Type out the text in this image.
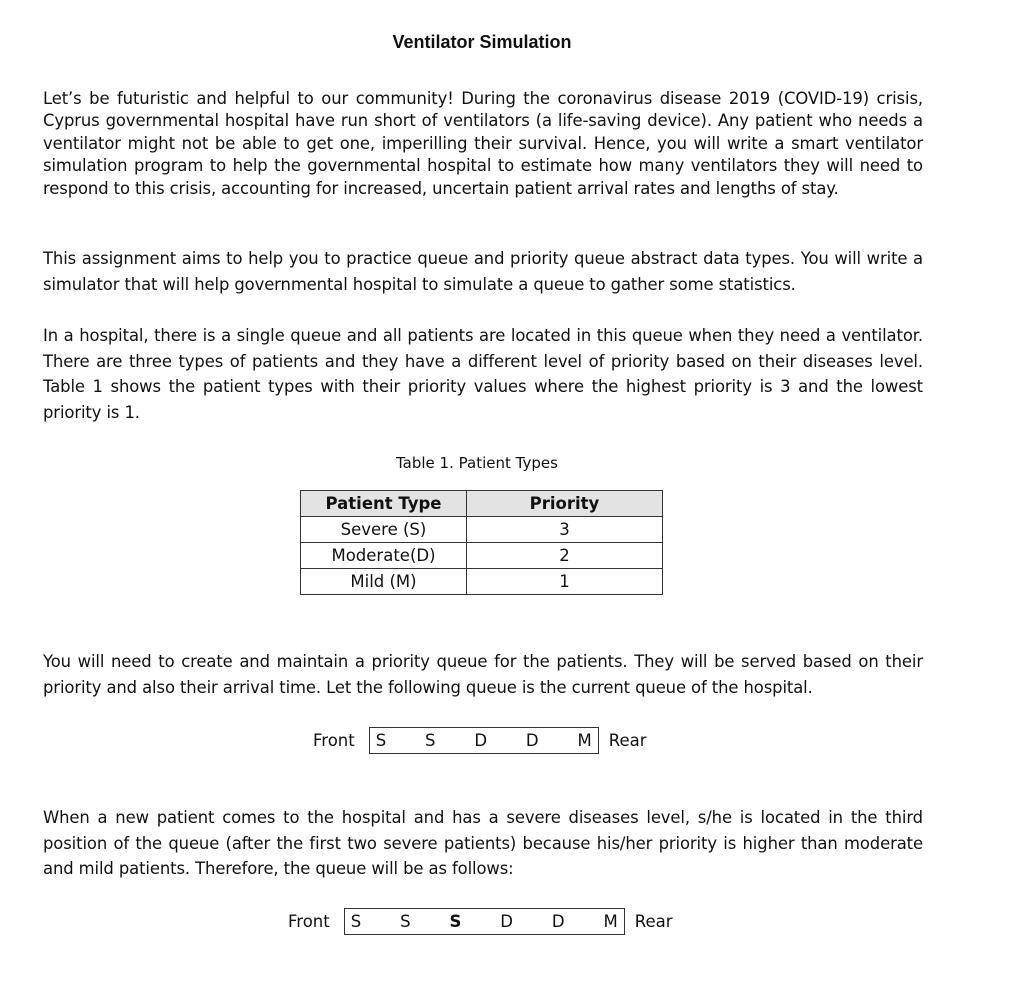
Ventilator Simulation

Let’s be futuristic and helpful to our community! During the coronavirus disease 2019 (COVID-19) crisis, Cyprus governmental hospital have run short of ventilators (a life-saving device). Any patient who needs a ventilator might not be able to get one, imperilling their survival. Hence, you will write a smart ventilator simulation program to help the governmental hospital to estimate how many ventilators they will need to respond to this crisis, accounting for increased, uncertain patient arrival rates and lengths of stay.

This assignment aims to help you to practice queue and priority queue abstract data types. You will write a simulator that will help governmental hospital to simulate a queue to gather some statistics.

In a hospital, there is a single queue and all patients are located in this queue when they need a ventilator. There are three types of patients and they have a different level of priority based on their diseases level. Table 1 shows the patient types with their priority values where the highest priority is 3 and the lowest priority is 1.

Table 1. Patient Types
Patient Type	Priority
Severe (S)	3
Moderate(D)	2
Mild (M)	1

You will need to create and maintain a priority queue for the patients. They will be served based on their priority and also their arrival time. Let the following queue is the current queue of the hospital.

Front S S D D M Rear

When a new patient comes to the hospital and has a severe diseases level, s/he is located in the third position of the queue (after the first two severe patients) because his/her priority is higher than moderate and mild patients. Therefore, the queue will be as follows:

Front S S S D D M Rear
